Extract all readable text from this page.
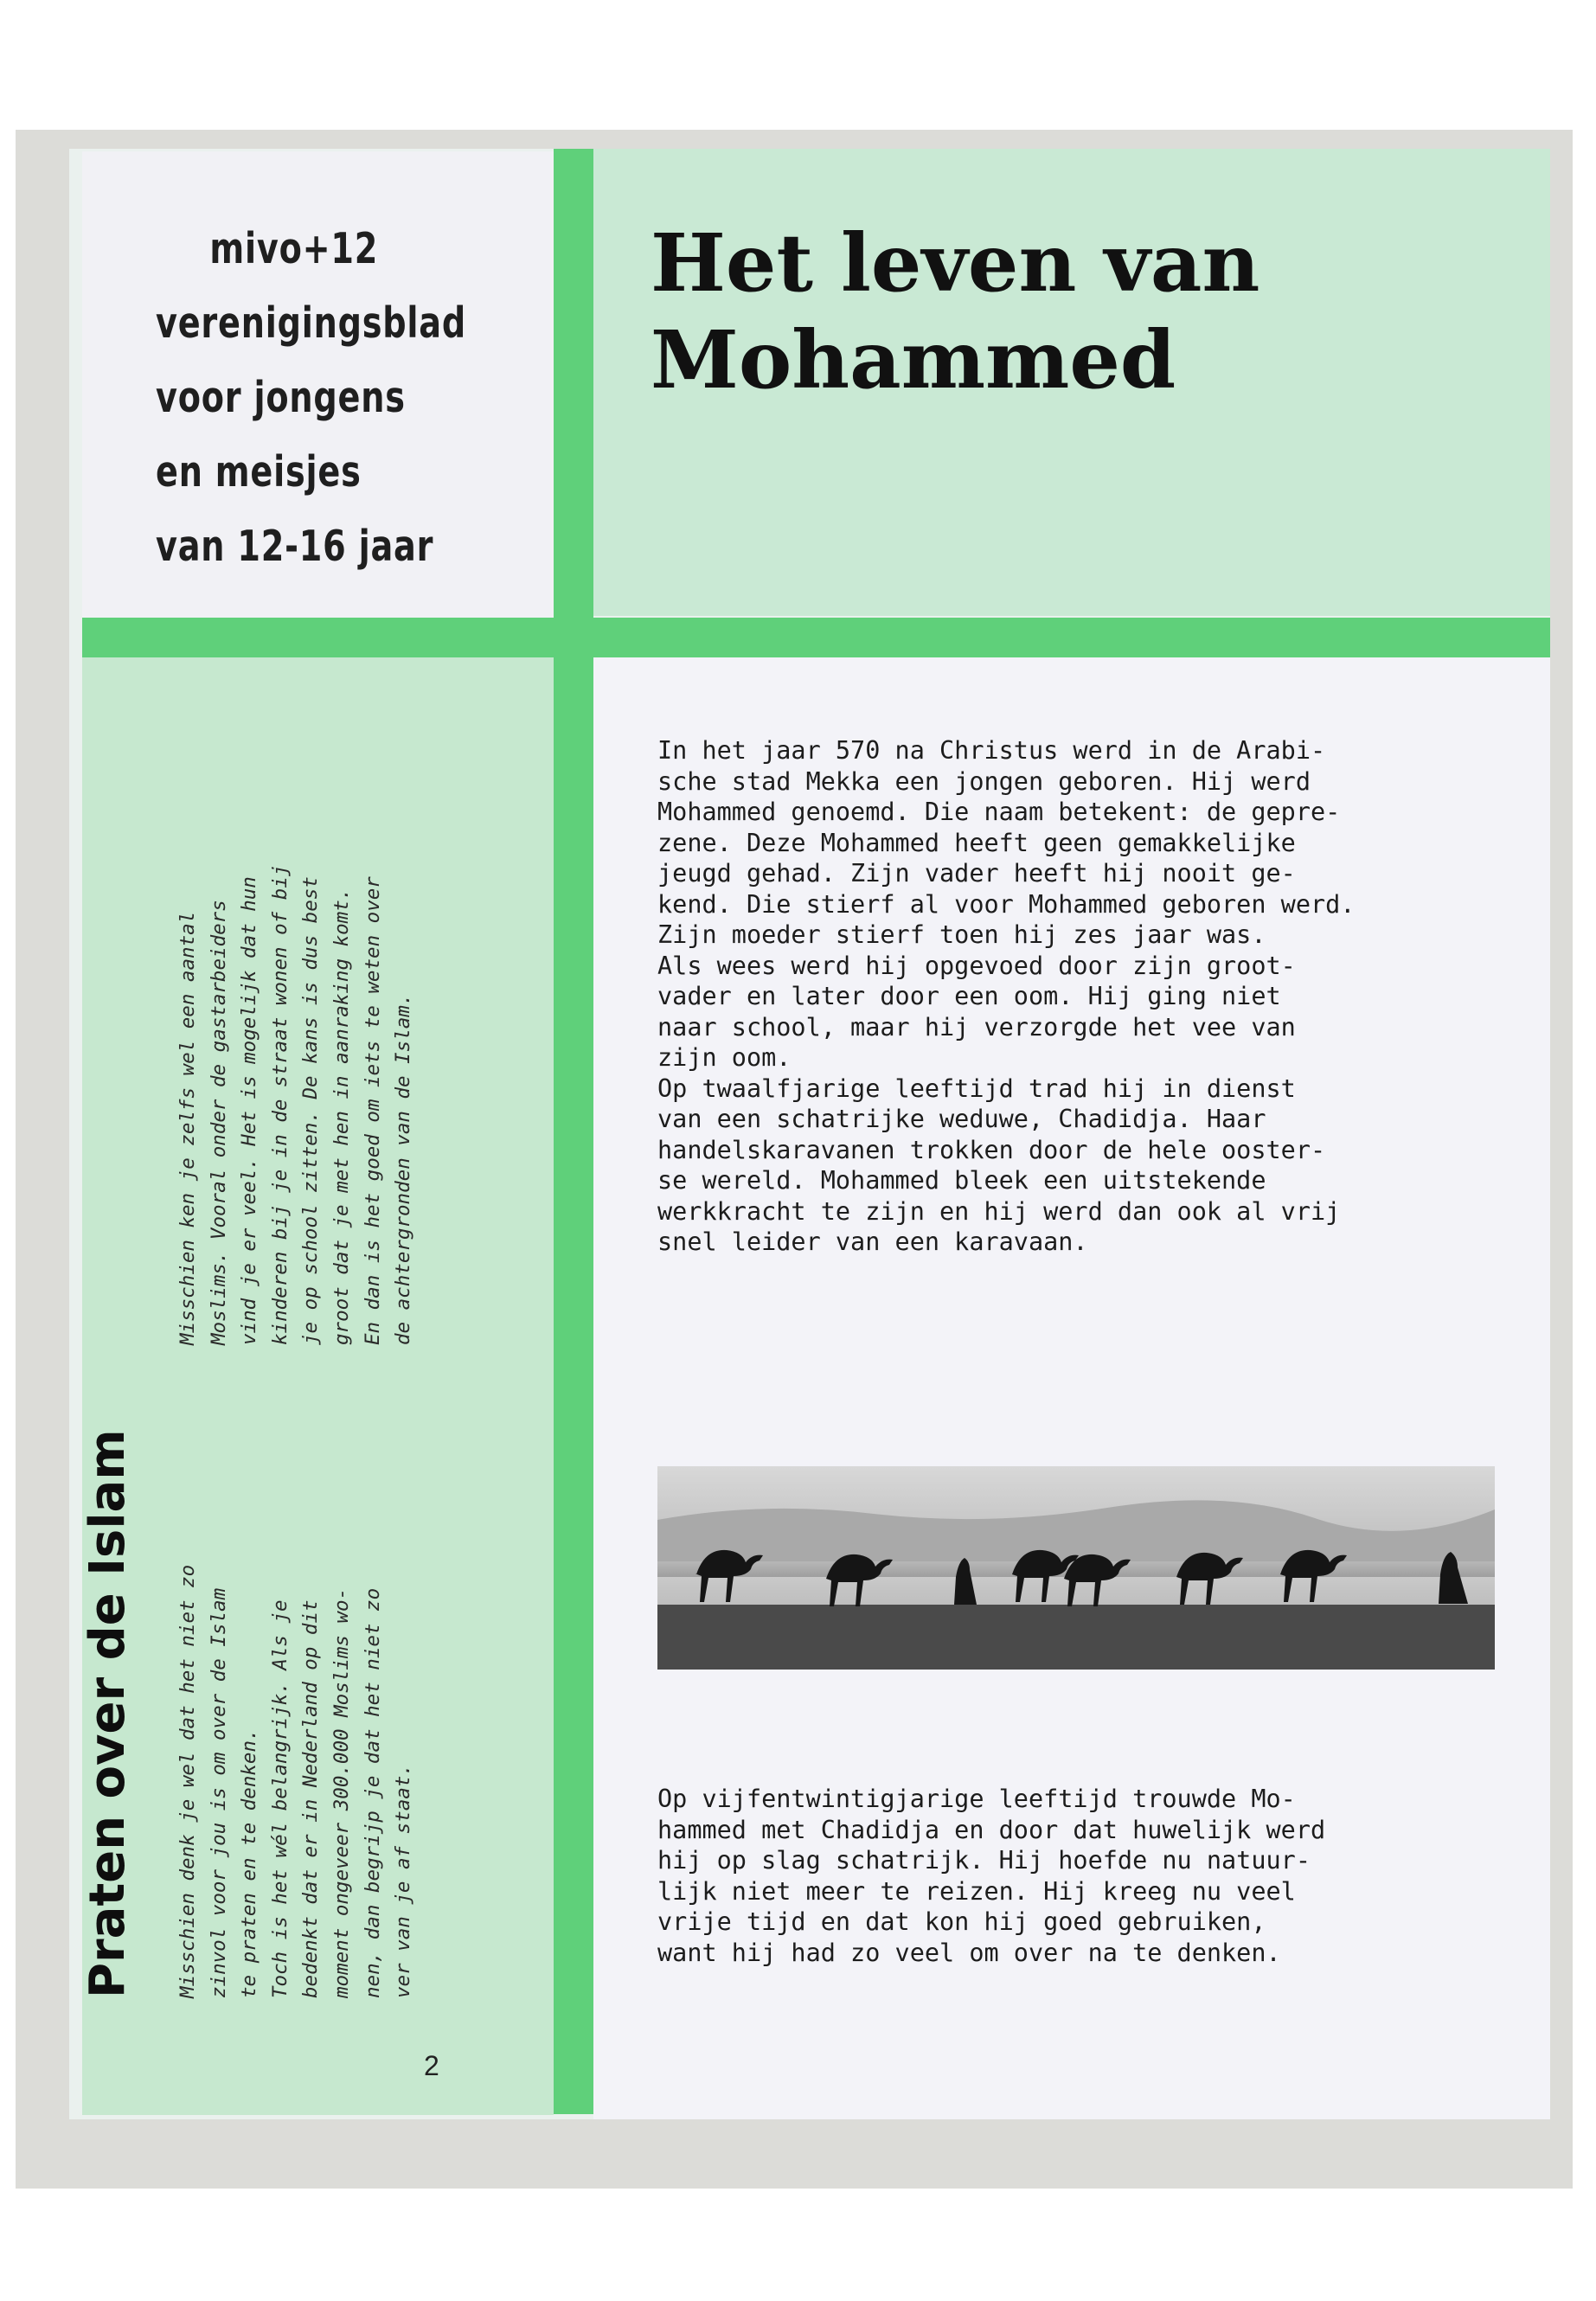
mivo+12
verenigingsblad
voor jongens
en meisjes
van 12-16 jaar
Het leven van
Mohammed
Praten over de Islam Misschien denk je wel dat het niet zo zinvol voor jou is om over de Islam te praten en te denken. Toch is het wél belangrijk. Als je bedenkt dat er in Nederland op dit moment ongeveer 300.000 Moslims wo- nen, dan begrijp je dat het niet zo ver van je af staat.
Misschien ken je zelfs wel een aantal Moslims. Vooral onder de gastarbeiders vind je er veel. Het is mogelijk dat hun kinderen bij je in de straat wonen of bij je op school zitten. De kans is dus best groot dat je met hen in aanraking komt. En dan is het goed om iets te weten over de achtergronden van de Islam.
2
In het jaar 570 na Christus werd in de Arabi-
sche stad Mekka een jongen geboren. Hij werd
Mohammed genoemd. Die naam betekent: de gepre-
zene. Deze Mohammed heeft geen gemakkelijke
jeugd gehad. Zijn vader heeft hij nooit ge-
kend. Die stierf al voor Mohammed geboren werd.
Zijn moeder stierf toen hij zes jaar was.
Als wees werd hij opgevoed door zijn groot-
vader en later door een oom. Hij ging niet
naar school, maar hij verzorgde het vee van
zijn oom.
Op twaalfjarige leeftijd trad hij in dienst
van een schatrijke weduwe, Chadidja. Haar
handelskaravanen trokken door de hele ooster-
se wereld. Mohammed bleek een uitstekende
werkkracht te zijn en hij werd dan ook al vrij
snel leider van een karavaan.
Op vijfentwintigjarige leeftijd trouwde Mo-
hammed met Chadidja en door dat huwelijk werd
hij op slag schatrijk. Hij hoefde nu natuur-
lijk niet meer te reizen. Hij kreeg nu veel
vrije tijd en dat kon hij goed gebruiken,
want hij had zo veel om over na te denken.
